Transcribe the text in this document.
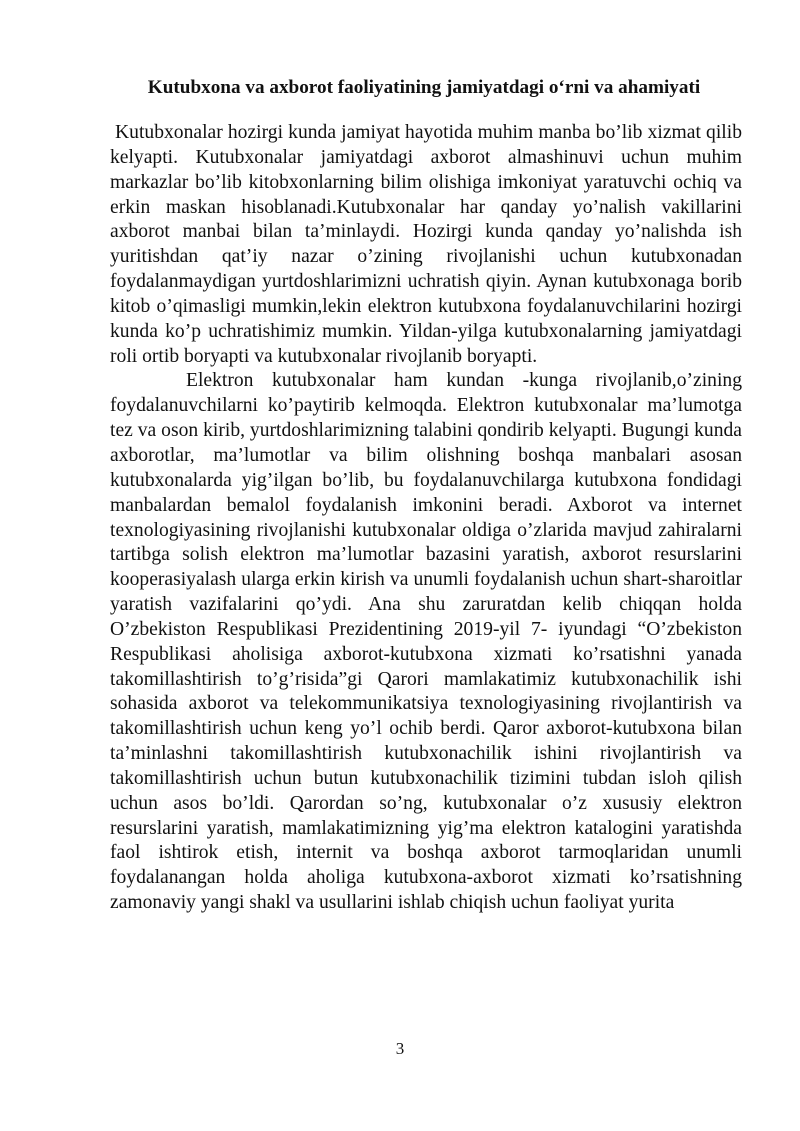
Kutubxona va axborot faoliyatining jamiyatdagi o‘rni va ahamiyati

Kutubxonalar hozirgi kunda jamiyat hayotida muhim manba bo’lib xizmat qilib kelyapti. Kutubxonalar jamiyatdagi axborot almashinuvi uchun muhim markazlar bo’lib kitobxonlarning bilim olishiga imkoniyat yaratuvchi ochiq va erkin maskan hisoblanadi.Kutubxonalar har qanday yo’nalish vakillarini axborot manbai bilan ta’minlaydi. Hozirgi kunda qanday yo’nalishda ish yuritishdan qat’iy nazar o’zining rivojlanishi uchun kutubxonadan foydalanmaydigan yurtdoshlarimizni uchratish qiyin. Aynan kutubxonaga borib kitob o’qimasligi mumkin,lekin elektron kutubxona foydalanuvchilarini hozirgi kunda ko’p uchratishimiz mumkin. Yildan-yilga kutubxonalarning jamiyatdagi roli ortib boryapti va kutubxonalar rivojlanib boryapti.

Elektron kutubxonalar ham kundan -kunga rivojlanib,o’zining foydalanuvchilarni ko’paytirib kelmoqda. Elektron kutubxonalar ma’lumotga tez va oson kirib, yurtdoshlarimizning talabini qondirib kelyapti. Bugungi kunda axborotlar, ma’lumotlar va bilim olishning boshqa manbalari asosan kutubxonalarda yig’ilgan bo’lib, bu foydalanuvchilarga kutubxona fondidagi manbalardan bemalol foydalanish imkonini beradi. Axborot va internet texnologiyasining rivojlanishi kutubxonalar oldiga o’zlarida mavjud zahiralarni tartibga solish elektron ma’lumotlar bazasini yaratish, axborot resurslarini kooperasiyalash ularga erkin kirish va unumli foydalanish uchun shart-sharoitlar yaratish vazifalarini qo’ydi. Ana shu zaruratdan kelib chiqqan holda O’zbekiston Respublikasi Prezidentining 2019-yil 7- iyundagi “O’zbekiston Respublikasi aholisiga axborot-kutubxona xizmati ko’rsatishni yanada takomillashtirish to’g’risida”gi Qarori mamlakatimiz kutubxonachilik ishi sohasida axborot va telekommunikatsiya texnologiyasining rivojlantirish va takomillashtirish uchun keng yo’l ochib berdi. Qaror axborot-kutubxona bilan ta’minlashni takomillashtirish kutubxonachilik ishini rivojlantirish va takomillashtirish uchun butun kutubxonachilik tizimini tubdan isloh qilish uchun asos bo’ldi. Qarordan so’ng, kutubxonalar o’z xususiy elektron resurslarini yaratish, mamlakatimizning yig’ma elektron katalogini yaratishda faol ishtirok etish, internit va boshqa axborot tarmoqlaridan unumli foydalanangan holda aholiga kutubxona-axborot xizmati ko’rsatishning zamonaviy yangi shakl va usullarini ishlab chiqish uchun faoliyat yurita

3
